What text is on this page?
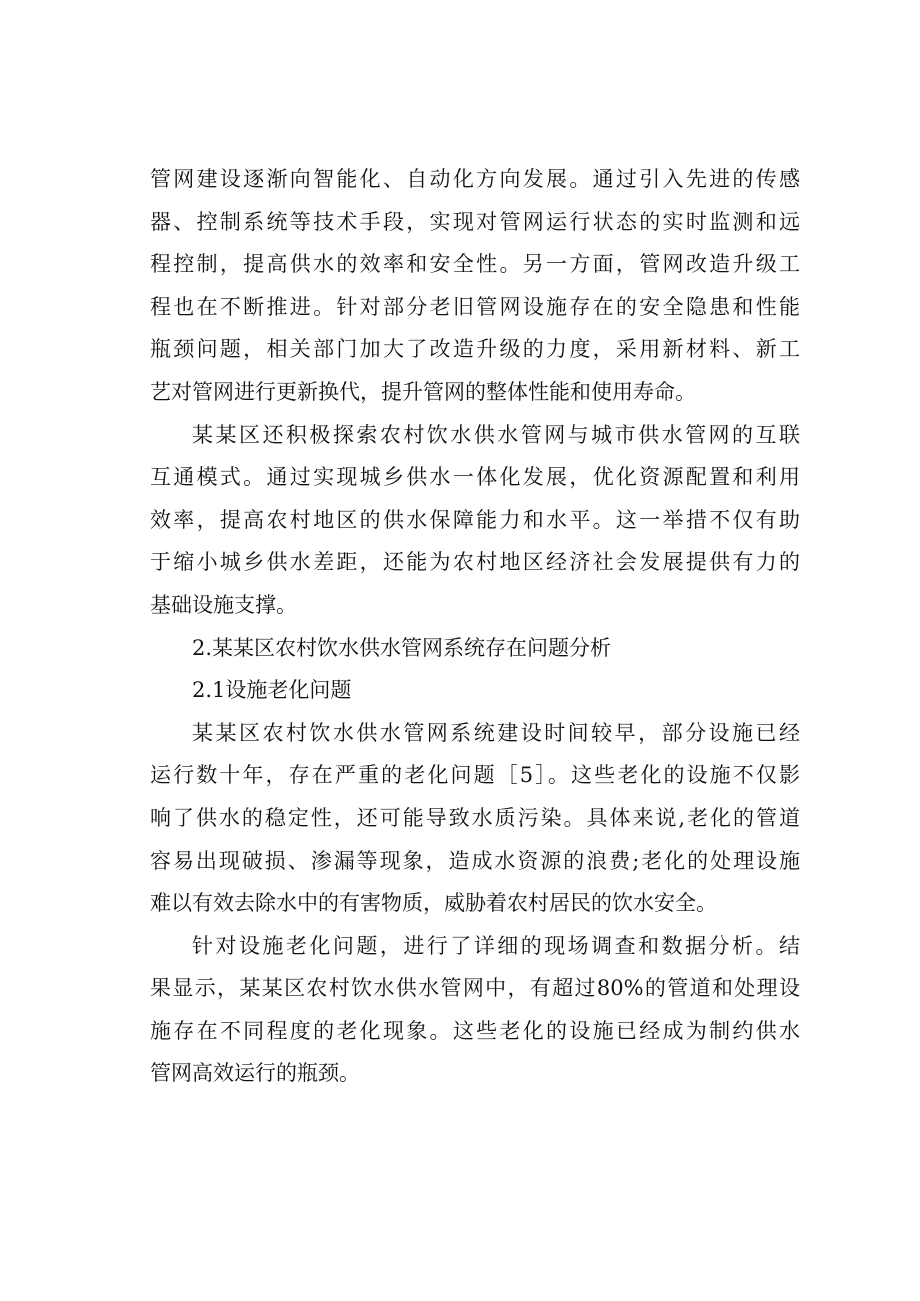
管网建设逐渐向智能化、自动化方向发展。通过引入先进的传感
器、控制系统等技术手段，实现对管网运行状态的实时监测和远
程控制，提高供水的效率和安全性。另一方面，管网改造升级工
程也在不断推进。针对部分老旧管网设施存在的安全隐患和性能
瓶颈问题，相关部门加大了改造升级的力度，采用新材料、新工
艺对管网进行更新换代，提升管网的整体性能和使用寿命。
某某区还积极探索农村饮水供水管网与城市供水管网的互联
互通模式。通过实现城乡供水一体化发展，优化资源配置和利用
效率，提高农村地区的供水保障能力和水平。这一举措不仅有助
于缩小城乡供水差距，还能为农村地区经济社会发展提供有力的
基础设施支撑。
2.某某区农村饮水供水管网系统存在问题分析
2.1设施老化问题
某某区农村饮水供水管网系统建设时间较早，部分设施已经
运行数十年，存在严重的老化问题［5］。这些老化的设施不仅影
响了供水的稳定性，还可能导致水质污染。具体来说,老化的管道
容易出现破损、渗漏等现象，造成水资源的浪费;老化的处理设施
难以有效去除水中的有害物质，威胁着农村居民的饮水安全。
针对设施老化问题，进行了详细的现场调查和数据分析。结
果显示，某某区农村饮水供水管网中，有超过80%的管道和处理设
施存在不同程度的老化现象。这些老化的设施已经成为制约供水
管网高效运行的瓶颈。
